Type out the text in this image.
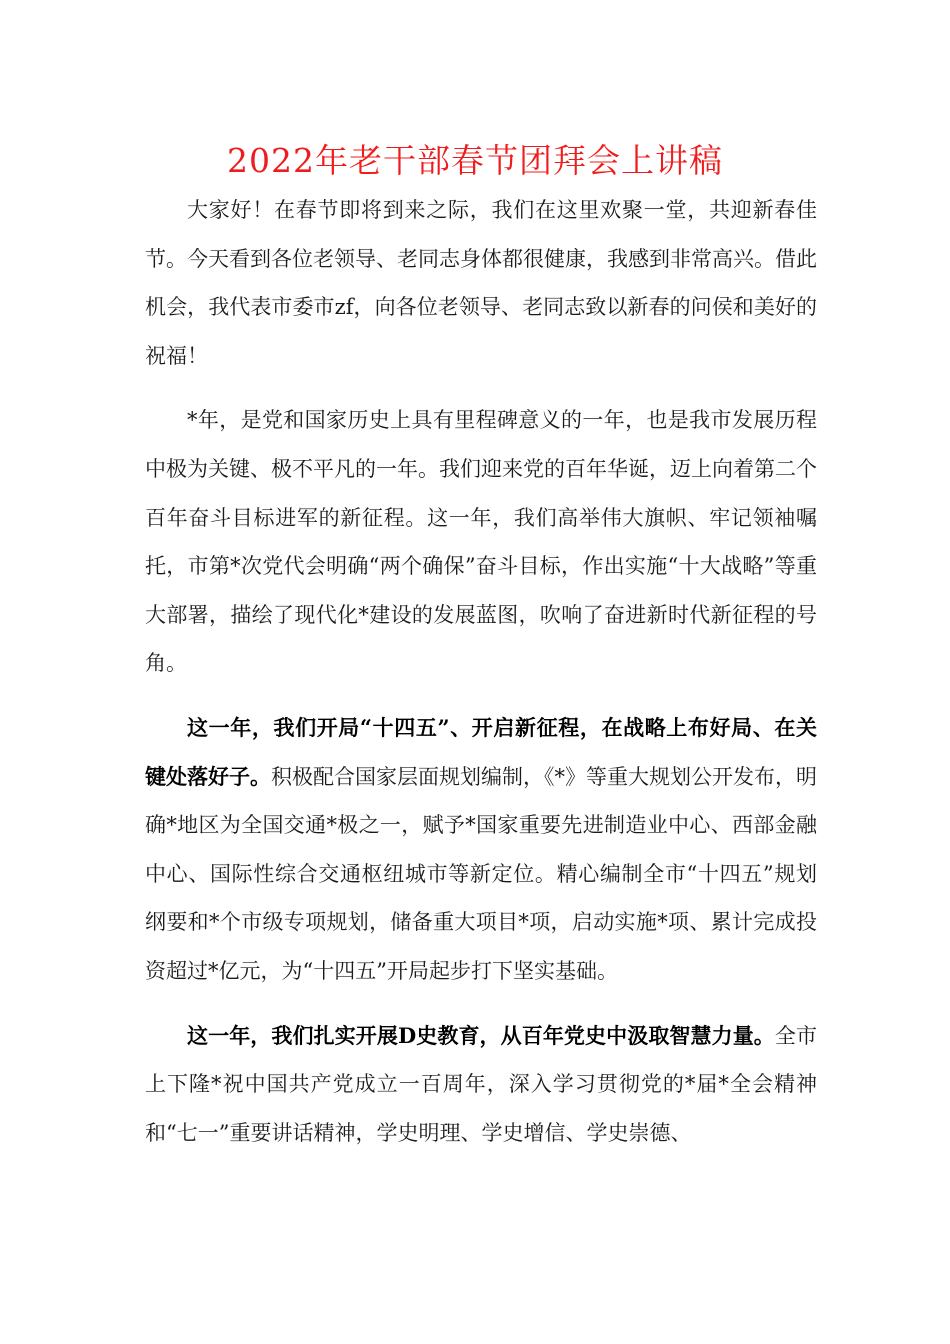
2022年老干部春节团拜会上讲稿

大家好！在春节即将到来之际，我们在这里欢聚一堂，共迎新春佳节。今天看到各位老领导、老同志身体都很健康，我感到非常高兴。借此机会，我代表市委市zf，向各位老领导、老同志致以新春的问侯和美好的祝福！

*年，是党和国家历史上具有里程碑意义的一年，也是我市发展历程中极为关键、极不平凡的一年。我们迎来党的百年华诞，迈上向着第二个百年奋斗目标进军的新征程。这一年，我们高举伟大旗帜、牢记领袖嘱托，市第*次党代会明确“两个确保”奋斗目标，作出实施“十大战略”等重大部署，描绘了现代化*建设的发展蓝图，吹响了奋进新时代新征程的号角。

这一年，我们开局“十四五”、开启新征程，在战略上布好局、在关键处落好子。积极配合国家层面规划编制，《*》等重大规划公开发布，明确*地区为全国交通*极之一，赋予*国家重要先进制造业中心、西部金融中心、国际性综合交通枢纽城市等新定位。精心编制全市“十四五”规划纲要和*个市级专项规划，储备重大项目*项，启动实施*项、累计完成投资超过*亿元，为“十四五”开局起步打下坚实基础。

这一年，我们扎实开展D史教育，从百年党史中汲取智慧力量。全市上下隆*祝中国共产党成立一百周年，深入学习贯彻党的*届*全会精神和“七一”重要讲话精神，学史明理、学史增信、学史崇德、
